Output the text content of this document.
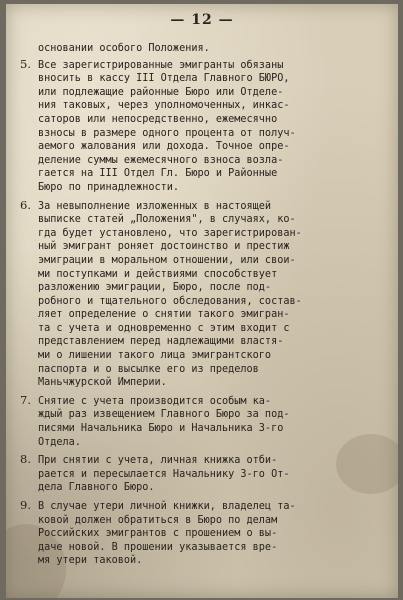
— 12 —
основании особого Положения.
5. Все зарегистрированные эмигранты обязаны
вносить в кассу III Отдела Главного БЮРО,
или подлежащие районные Бюро или Отделе-
ния таковых, через уполномоченных, инкас-
саторов или непосредственно, ежемесячно
взносы в размере одного процента от получ-
аемого жалования или дохода. Точное опре-
деление суммы ежемесячного взноса возла-
гается на III Отдел Гл. Бюро и Районные
Бюро по принадлежности.
6. За невыполнение изложенных в настоящей
выписке статей „Положения", в случаях, ко-
гда будет установлено, что зарегистрирован-
ный эмигрант роняет достоинство и престиж
эмиграции в моральном отношении, или свои-
ми поступками и действиями способствует
разложению эмиграции, Бюро, после под-
робного и тщательного обследования, состав-
ляет определение о снятии такого эмигран-
та с учета и одновременно с этим входит с
представлением перед надлежащими властя-
ми о лишении такого лица эмигрантского
паспорта и о высылке его из пределов
Маньчжурской Империи.
7. Снятие с учета производится особым ка-
ждый раз извещением Главного Бюро за под-
писями Начальника Бюро и Начальника 3-го
Отдела.
8. При снятии с учета, личная книжка отби-
рается и пересылается Начальнику 3-го От-
дела Главного Бюро.
9. В случае утери личной книжки, владелец та-
ковой должен обратиться в Бюро по делам
Российских эмигрантов с прошением о вы-
даче новой. В прошении указывается вре-
мя утери таковой.
